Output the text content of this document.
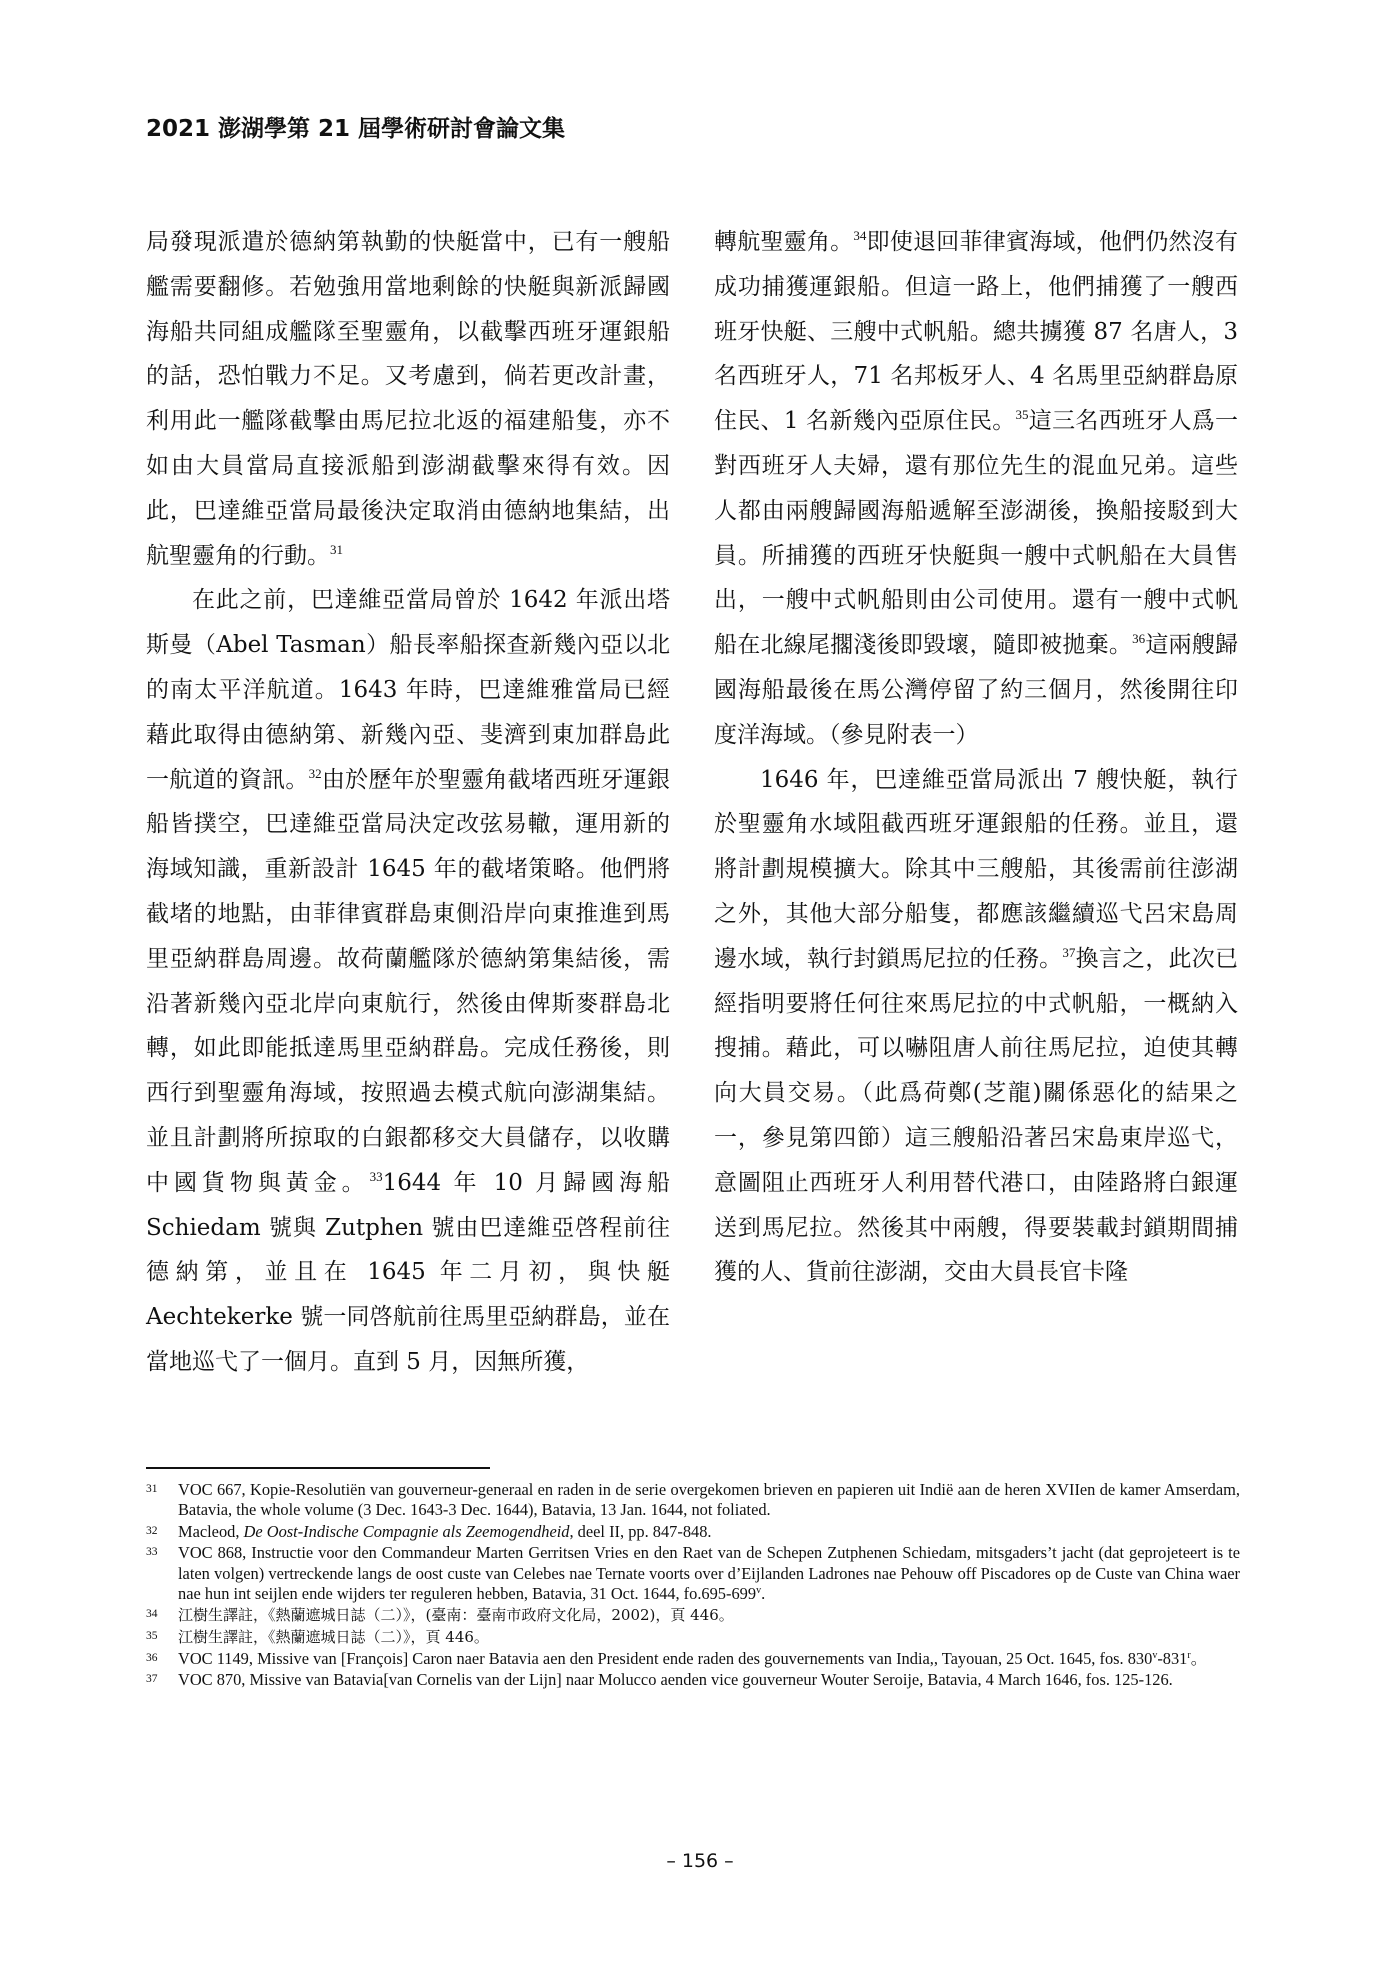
2021 澎湖學第 21 屆學術研討會論文集

局發現派遣於德納第執勤的快艇當中，已有一艘船艦需要翻修。若勉強用當地剩餘的快艇與新派歸國海船共同組成艦隊至聖靈角，以截擊西班牙運銀船的話，恐怕戰力不足。又考慮到，倘若更改計畫，利用此一艦隊截擊由馬尼拉北返的福建船隻，亦不如由大員當局直接派船到澎湖截擊來得有效。因此，巴達維亞當局最後決定取消由德納地集結，出航聖靈角的行動。$^{31}$

在此之前，巴達維亞當局曾於 1642 年派出塔斯曼（Abel Tasman）船長率船探查新幾內亞以北的南太平洋航道。1643 年時，巴達維雅當局已經藉此取得由德納第、新幾內亞、斐濟到東加群島此一航道的資訊。$^{32}$由於歷年於聖靈角截堵西班牙運銀船皆撲空，巴達維亞當局決定改弦易轍，運用新的海域知識，重新設計 1645 年的截堵策略。他們將截堵的地點，由菲律賓群島東側沿岸向東推進到馬里亞納群島周邊。故荷蘭艦隊於德納第集結後，需沿著新幾內亞北岸向東航行，然後由俾斯麥群島北轉，如此即能抵達馬里亞納群島。完成任務後，則西行到聖靈角海域，按照過去模式航向澎湖集結。並且計劃將所掠取的白銀都移交大員儲存，以收購中國貨物與黃金。$^{33}$1644 年 10 月歸國海船 Schiedam 號與 Zutphen 號由巴達維亞啓程前往德納第，並且在 1645 年二月初，與快艇 Aechtekerke 號一同啓航前往馬里亞納群島，並在當地巡弋了一個月。直到 5 月，因無所獲，

轉航聖靈角。$^{34}$即使退回菲律賓海域，他們仍然沒有成功捕獲運銀船。但這一路上，他們捕獲了一艘西班牙快艇、三艘中式帆船。總共擄獲 87 名唐人，3 名西班牙人，71 名邦板牙人、4 名馬里亞納群島原住民、1 名新幾內亞原住民。$^{35}$這三名西班牙人爲一對西班牙人夫婦，還有那位先生的混血兄弟。這些人都由兩艘歸國海船遞解至澎湖後，換船接駁到大員。所捕獲的西班牙快艇與一艘中式帆船在大員售出，一艘中式帆船則由公司使用。還有一艘中式帆船在北線尾擱淺後即毀壞，隨即被拋棄。$^{36}$這兩艘歸國海船最後在馬公灣停留了約三個月，然後開往印度洋海域。（參見附表一）

1646 年，巴達維亞當局派出 7 艘快艇，執行於聖靈角水域阻截西班牙運銀船的任務。並且，還將計劃規模擴大。除其中三艘船，其後需前往澎湖之外，其他大部分船隻，都應該繼續巡弋呂宋島周邊水域，執行封鎖馬尼拉的任務。$^{37}$換言之，此次已經指明要將任何往來馬尼拉的中式帆船，一概納入搜捕。藉此，可以嚇阻唐人前往馬尼拉，迫使其轉向大員交易。（此爲荷鄭(芝龍)關係惡化的結果之一，參見第四節）這三艘船沿著呂宋島東岸巡弋，意圖阻止西班牙人利用替代港口，由陸路將白銀運送到馬尼拉。然後其中兩艘，得要裝載封鎖期間捕獲的人、貨前往澎湖，交由大員長官卡隆

31 VOC 667, Kopie-Resolutiën van gouverneur-generaal en raden in de serie overgekomen brieven en papieren uit Indië aan de heren XVIIen de kamer Amserdam, Batavia, the whole volume (3 Dec. 1643-3 Dec. 1644), Batavia, 13 Jan. 1644, not foliated.

32 Macleod, De Oost-Indische Compagnie als Zeemogendheid, deel II, pp. 847-848.

33 VOC 868, Instructie voor den Commandeur Marten Gerritsen Vries en den Raet van de Schepen Zutphenen Schiedam, mitsgaders’t jacht (dat geprojeteert is te laten volgen) vertreckende langs de oost custe van Celebes nae Ternate voorts over d’Eijlanden Ladrones nae Pehouw off Piscadores op de Custe van China waer nae hun int seijlen ende wijders ter reguleren hebben, Batavia, 31 Oct. 1644, fo.695-699$^v$.

34 江樹生譯註，《熱蘭遮城日誌（二）》，(臺南：臺南市政府文化局，2002)，頁 446。

35 江樹生譯註，《熱蘭遮城日誌（二）》，頁 446。

36 VOC 1149, Missive van [François] Caron naer Batavia aen den President ende raden des gouvernements van India,, Tayouan, 25 Oct. 1645, fos. 830$^v$-831$^r$。

37 VOC 870, Missive van Batavia[van Cornelis van der Lijn] naar Molucco aenden vice gouverneur Wouter Seroije, Batavia, 4 March 1646, fos. 125-126.

– 156 –
